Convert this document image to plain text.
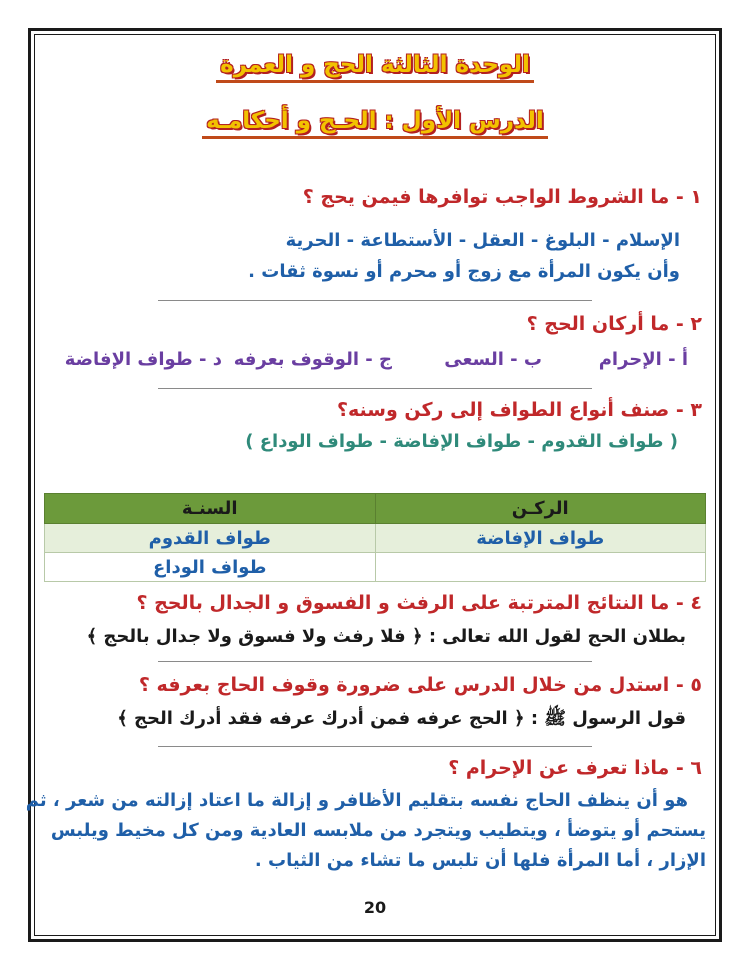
الوحدة الثالثة الحج و العمرة
الدرس الأول : الحـج و أحكامـه
١ - ما الشروط الواجب توافرها فيمن يحج ؟
الإسلام - البلوغ - العقل - الأستطاعة - الحرية
وأن يكون المرأة مع زوج أو محرم أو نسوة ثقات .
٢ - ما أركان الحج ؟
أ - الإحرام
ب - السعى
ج - الوقوف بعرفه
د - طواف الإفاضة
٣ - صنف أنواع الطواف إلى ركن وسنه؟
( طواف القدوم - طواف الإفاضة - طواف الوداع )
الركـن	السنـة
طواف الإفاضة	طواف القدوم
	طواف الوداع
٤ - ما النتائج المترتبة على الرفث و الفسوق و الجدال بالحج ؟
بطلان الحج لقول الله تعالى : ﴿ فلا رفث ولا فسوق ولا جدال بالحج ﴾
٥ - استدل من خلال الدرس على ضرورة وقوف الحاج بعرفه ؟
قول الرسول ﷺ : ﴿ الحج عرفه فمن أدرك عرفه فقد أدرك الحج ﴾
٦ - ماذا تعرف عن الإحرام ؟
هو أن ينظف الحاج نفسه بتقليم الأظافر و إزالة ما اعتاد إزالته من شعر ، ثم
يستحم أو يتوضأ ، ويتطيب ويتجرد من ملابسه العادية ومن كل مخيط ويلبس
الإزار ، أما المرأة فلها أن تلبس ما تشاء من الثياب .
20
